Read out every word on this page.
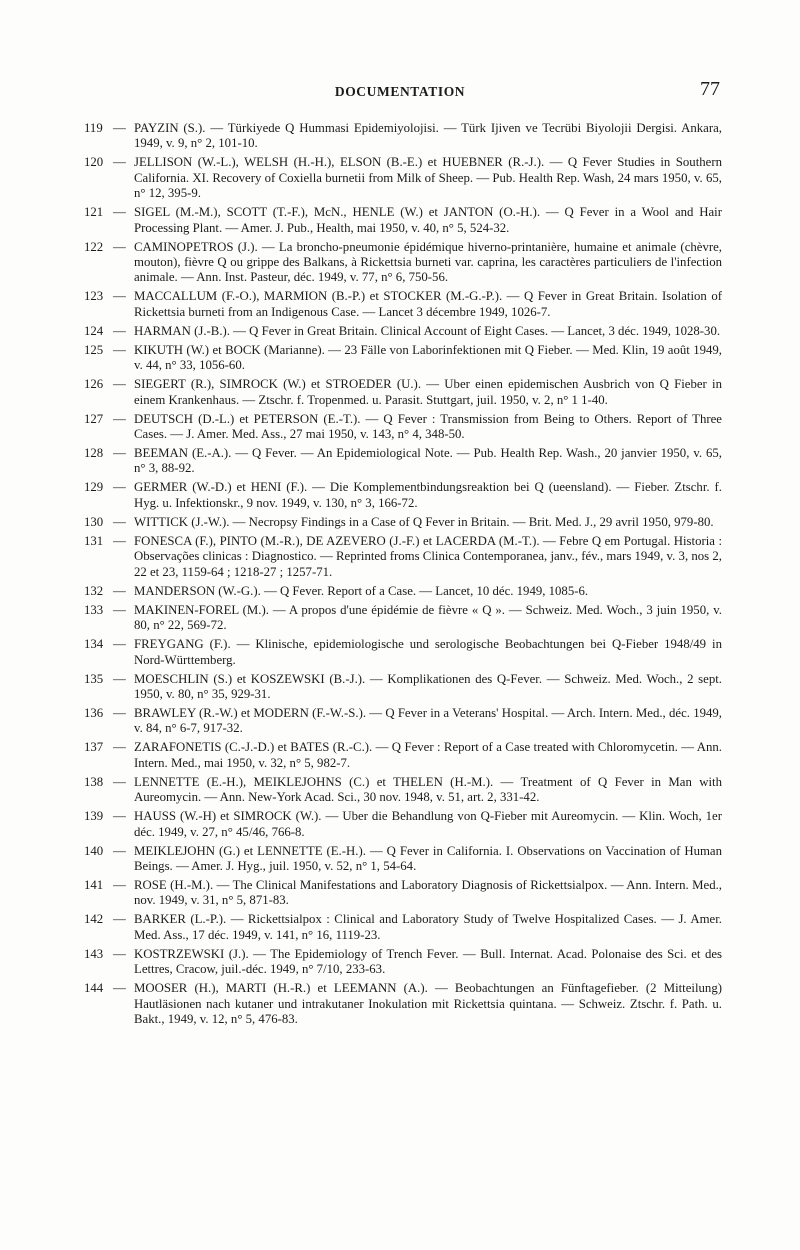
DOCUMENTATION	77
119 — PAYZIN (S.). — Türkiyede Q Hummasi Epidemiyolojisi. — Türk Ijiven ve Tecrübi Biyolojii Dergisi. Ankara, 1949, v. 9, n° 2, 101-10.
120 — JELLISON (W.-L.), WELSH (H.-H.), ELSON (B.-E.) et HUEBNER (R.-J.). — Q Fever Studies in Southern California. XI. Recovery of Coxiella burnetii from Milk of Sheep. — Pub. Health Rep. Wash, 24 mars 1950, v. 65, n° 12, 395-9.
121 — SIGEL (M.-M.), SCOTT (T.-F.), McN., HENLE (W.) et JANTON (O.-H.). — Q Fever in a Wool and Hair Processing Plant. — Amer. J. Pub., Health, mai 1950, v. 40, n° 5, 524-32.
122 — CAMINOPETROS (J.). — La broncho-pneumonie épidémique hiverno-printanière, humaine et animale (chèvre, mouton), fièvre Q ou grippe des Balkans, à Rickettsia burneti var. caprina, les caractères particuliers de l'infection animale. — Ann. Inst. Pasteur, déc. 1949, v. 77, n° 6, 750-56.
123 — MACCALLUM (F.-O.), MARMION (B.-P.) et STOCKER (M.-G.-P.). — Q Fever in Great Britain. Isolation of Rickettsia burneti from an Indigenous Case. — Lancet 3 décembre 1949, 1026-7.
124 — HARMAN (J.-B.). — Q Fever in Great Britain. Clinical Account of Eight Cases. — Lancet, 3 déc. 1949, 1028-30.
125 — KIKUTH (W.) et BOCK (Marianne). — 23 Fälle von Laborinfektionen mit Q Fieber. — Med. Klin, 19 août 1949, v. 44, n° 33, 1056-60.
126 — SIEGERT (R.), SIMROCK (W.) et STROEDER (U.). — Uber einen epidemischen Ausbrich von Q Fieber in einem Krankenhaus. — Ztschr. f. Tropenmed. u. Parasit. Stuttgart, juil. 1950, v. 2, n° 1 1-40.
127 — DEUTSCH (D.-L.) et PETERSON (E.-T.). — Q Fever : Transmission from Being to Others. Report of Three Cases. — J. Amer. Med. Ass., 27 mai 1950, v. 143, n° 4, 348-50.
128 — BEEMAN (E.-A.). — Q Fever. — An Epidemiological Note. — Pub. Health Rep. Wash., 20 janvier 1950, v. 65, n° 3, 88-92.
129 — GERMER (W.-D.) et HENI (F.). — Die Komplementbindungsreaktion bei Q (ueensland). — Fieber. Ztschr. f. Hyg. u. Infektionskr., 9 nov. 1949, v. 130, n° 3, 166-72.
130 — WITTICK (J.-W.). — Necropsy Findings in a Case of Q Fever in Britain. — Brit. Med. J., 29 avril 1950, 979-80.
131 — FONESCA (F.), PINTO (M.-R.), DE AZEVERO (J.-F.) et LACERDA (M.-T.). — Febre Q em Portugal. Historia : Observações clinicas : Diagnostico. — Reprinted froms Clinica Contemporanea, janv., fév., mars 1949, v. 3, nos 2, 22 et 23, 1159-64 ; 1218-27 ; 1257-71.
132 — MANDERSON (W.-G.). — Q Fever. Report of a Case. — Lancet, 10 déc. 1949, 1085-6.
133 — MAKINEN-FOREL (M.). — A propos d'une épidémie de fièvre « Q ». — Schweiz. Med. Woch., 3 juin 1950, v. 80, n° 22, 569-72.
134 — FREYGANG (F.). — Klinische, epidemiologische und serologische Beobachtungen bei Q-Fieber 1948/49 in Nord-Württemberg.
135 — MOESCHLIN (S.) et KOSZEWSKI (B.-J.). — Komplikationen des Q-Fever. — Schweiz. Med. Woch., 2 sept. 1950, v. 80, n° 35, 929-31.
136 — BRAWLEY (R.-W.) et MODERN (F.-W.-S.). — Q Fever in a Veterans' Hospital. — Arch. Intern. Med., déc. 1949, v. 84, n° 6-7, 917-32.
137 — ZARAFONETIS (C.-J.-D.) et BATES (R.-C.). — Q Fever : Report of a Case treated with Chloromycetin. — Ann. Intern. Med., mai 1950, v. 32, n° 5, 982-7.
138 — LENNETTE (E.-H.), MEIKLEJOHNS (C.) et THELEN (H.-M.). — Treatment of Q Fever in Man with Aureomycin. — Ann. New-York Acad. Sci., 30 nov. 1948, v. 51, art. 2, 331-42.
139 — HAUSS (W.-H) et SIMROCK (W.). — Uber die Behandlung von Q-Fieber mit Aureomycin. — Klin. Woch, 1er déc. 1949, v. 27, n° 45/46, 766-8.
140 — MEIKLEJOHN (G.) et LENNETTE (E.-H.). — Q Fever in California. I. Observations on Vaccination of Human Beings. — Amer. J. Hyg., juil. 1950, v. 52, n° 1, 54-64.
141 — ROSE (H.-M.). — The Clinical Manifestations and Laboratory Diagnosis of Rickettsialpox. — Ann. Intern. Med., nov. 1949, v. 31, n° 5, 871-83.
142 — BARKER (L.-P.). — Rickettsialpox : Clinical and Laboratory Study of Twelve Hospitalized Cases. — J. Amer. Med. Ass., 17 déc. 1949, v. 141, n° 16, 1119-23.
143 — KOSTRZEWSKI (J.). — The Epidemiology of Trench Fever. — Bull. Internat. Acad. Polonaise des Sci. et des Lettres, Cracow, juil.-déc. 1949, n° 7/10, 233-63.
144 — MOOSER (H.), MARTI (H.-R.) et LEEMANN (A.). — Beobachtungen an Fünftagefieber. (2 Mitteilung) Hautläsionen nach kutaner und intrakutaner Inokulation mit Rickettsia quintana. — Schweiz. Ztschr. f. Path. u. Bakt., 1949, v. 12, n° 5, 476-83.
